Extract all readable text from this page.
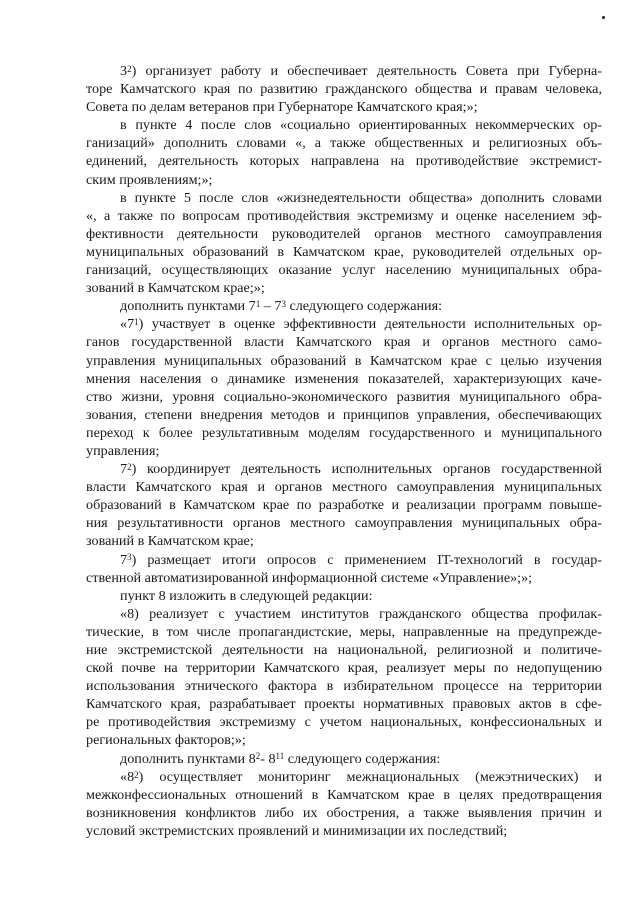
$3^2$) организует работу и обеспечивает деятельность Совета при Губерна-
торе Камчатского края по развитию гражданского общества и правам человека,
Совета по делам ветеранов при Губернаторе Камчатского края;»;
в пункте 4 после слов «социально ориентированных некоммерческих ор-
ганизаций» дополнить словами «, а также общественных и религиозных объ-
единений, деятельность которых направлена на противодействие экстремист-
ским проявлениям;»;
в пункте 5 после слов «жизнедеятельности общества» дополнить словами
«, а также по вопросам противодействия экстремизму и оценке населением эф-
фективности деятельности руководителей органов местного самоуправления
муниципальных образований в Камчатском крае, руководителей отдельных ор-
ганизаций, осуществляющих оказание услуг населению муниципальных обра-
зований в Камчатском крае;»;
дополнить пунктами $7^1 - 7^3$ следующего содержания:
«$7^1$) участвует в оценке эффективности деятельности исполнительных ор-
ганов государственной власти Камчатского края и органов местного само-
управления муниципальных образований в Камчатском крае с целью изучения
мнения населения о динамике изменения показателей, характеризующих каче-
ство жизни, уровня социально-экономического развития муниципального обра-
зования, степени внедрения методов и принципов управления, обеспечивающих
переход к более результативным моделям государственного и муниципального
управления;
$7^2$) координирует деятельность исполнительных органов государственной
власти Камчатского края и органов местного самоуправления муниципальных
образований в Камчатском крае по разработке и реализации программ повыше-
ния результативности органов местного самоуправления муниципальных обра-
зований в Камчатском крае;
$7^3$) размещает итоги опросов с применением IT-технологий в государ-
ственной автоматизированной информационной системе «Управление»;»;
пункт 8 изложить в следующей редакции:
«8) реализует с участием институтов гражданского общества профилак-
тические, в том числе пропагандистские, меры, направленные на предупрежде-
ние экстремистской деятельности на национальной, религиозной и политиче-
ской почве на территории Камчатского края, реализует меры по недопущению
использования этнического фактора в избирательном процессе на территории
Камчатского края, разрабатывает проекты нормативных правовых актов в сфе-
ре противодействия экстремизму с учетом национальных, конфессиональных и
региональных факторов;»;
дополнить пунктами $8^2-$ $8^{11}$ следующего содержания:
«$8^2$) осуществляет мониторинг межнациональных (межэтнических) и
межконфессиональных отношений в Камчатском крае в целях предотвращения
возникновения конфликтов либо их обострения, а также выявления причин и
условий экстремистских проявлений и минимизации их последствий;
